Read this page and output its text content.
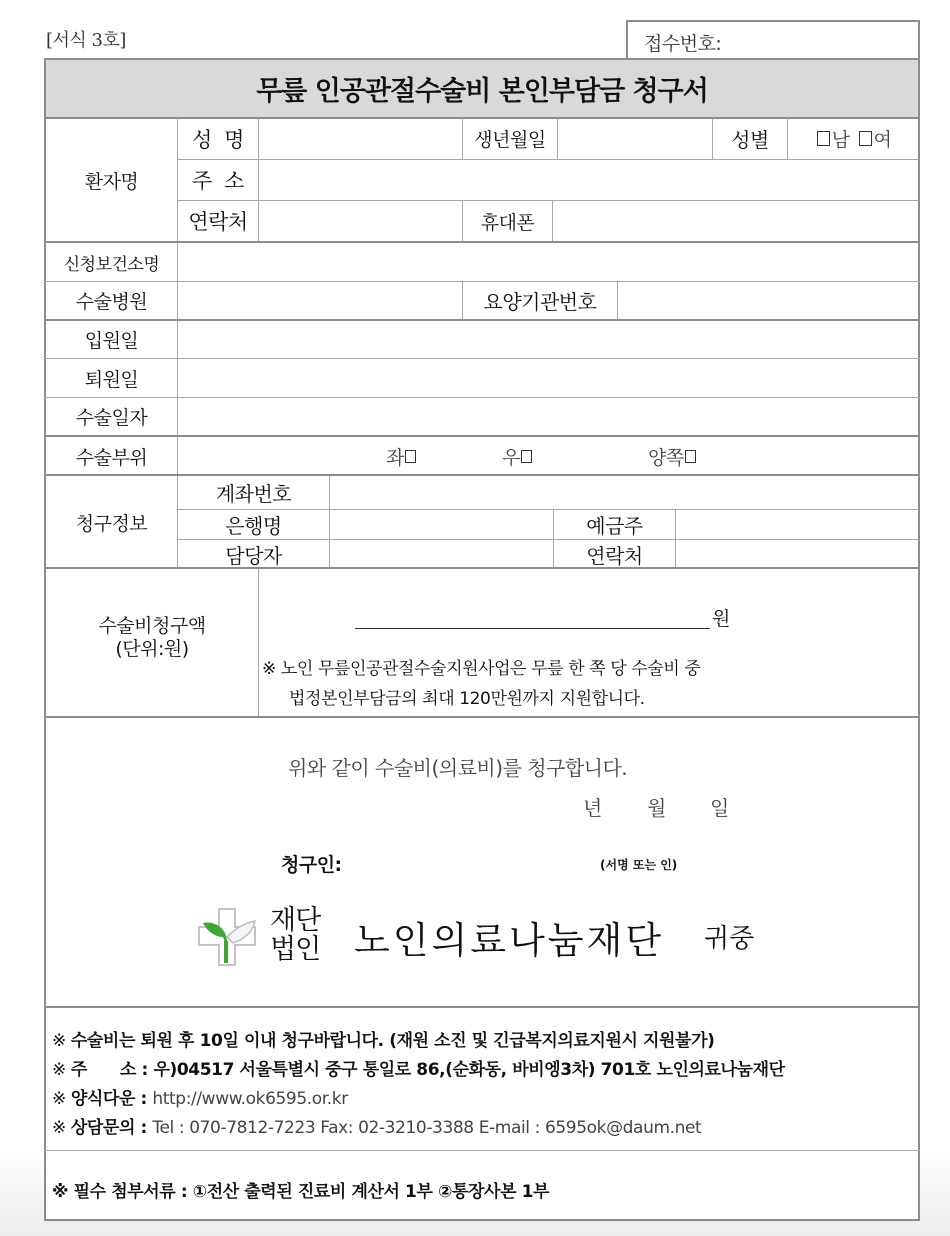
[서식 3호]	접수번호:
무릎 인공관절수술비 본인부담금 청구서
환자명
성  명	생년월일	성별	남 여
주  소
연락처	휴대폰
신청보건소명
수술병원	요양기관번호
입원일
퇴원일
수술일자
수술부위	좌	우	양쪽
청구정보
계좌번호
은행명	예금주
담당자	연락처
수술비청구액
(단위:원)
원
※ 노인 무릎인공관절수술지원사업은 무릎 한 쪽 당 수술비 중
법정본인부담금의 최대 120만원까지 지원합니다.
위와 같이 수술비(의료비)를 청구합니다.
년 월 일
청구인:	(서명 또는 인)
재단
법인 노인의료나눔재단 귀중
※ 수술비는 퇴원 후 10일 이내 청구바랍니다. (재원 소진 및 긴급복지의료지원시 지원불가)
※ 주      소 : 우)04517 서울특별시 중구 통일로 86,(순화동, 바비엥3차) 701호 노인의료나눔재단
※ 양식다운 : http://www.ok6595.or.kr
※ 상담문의 : Tel : 070-7812-7223 Fax: 02-3210-3388 E-mail : 6595ok@daum.net
※ 필수 첨부서류 : ①전산 출력된 진료비 계산서 1부 ②통장사본 1부
